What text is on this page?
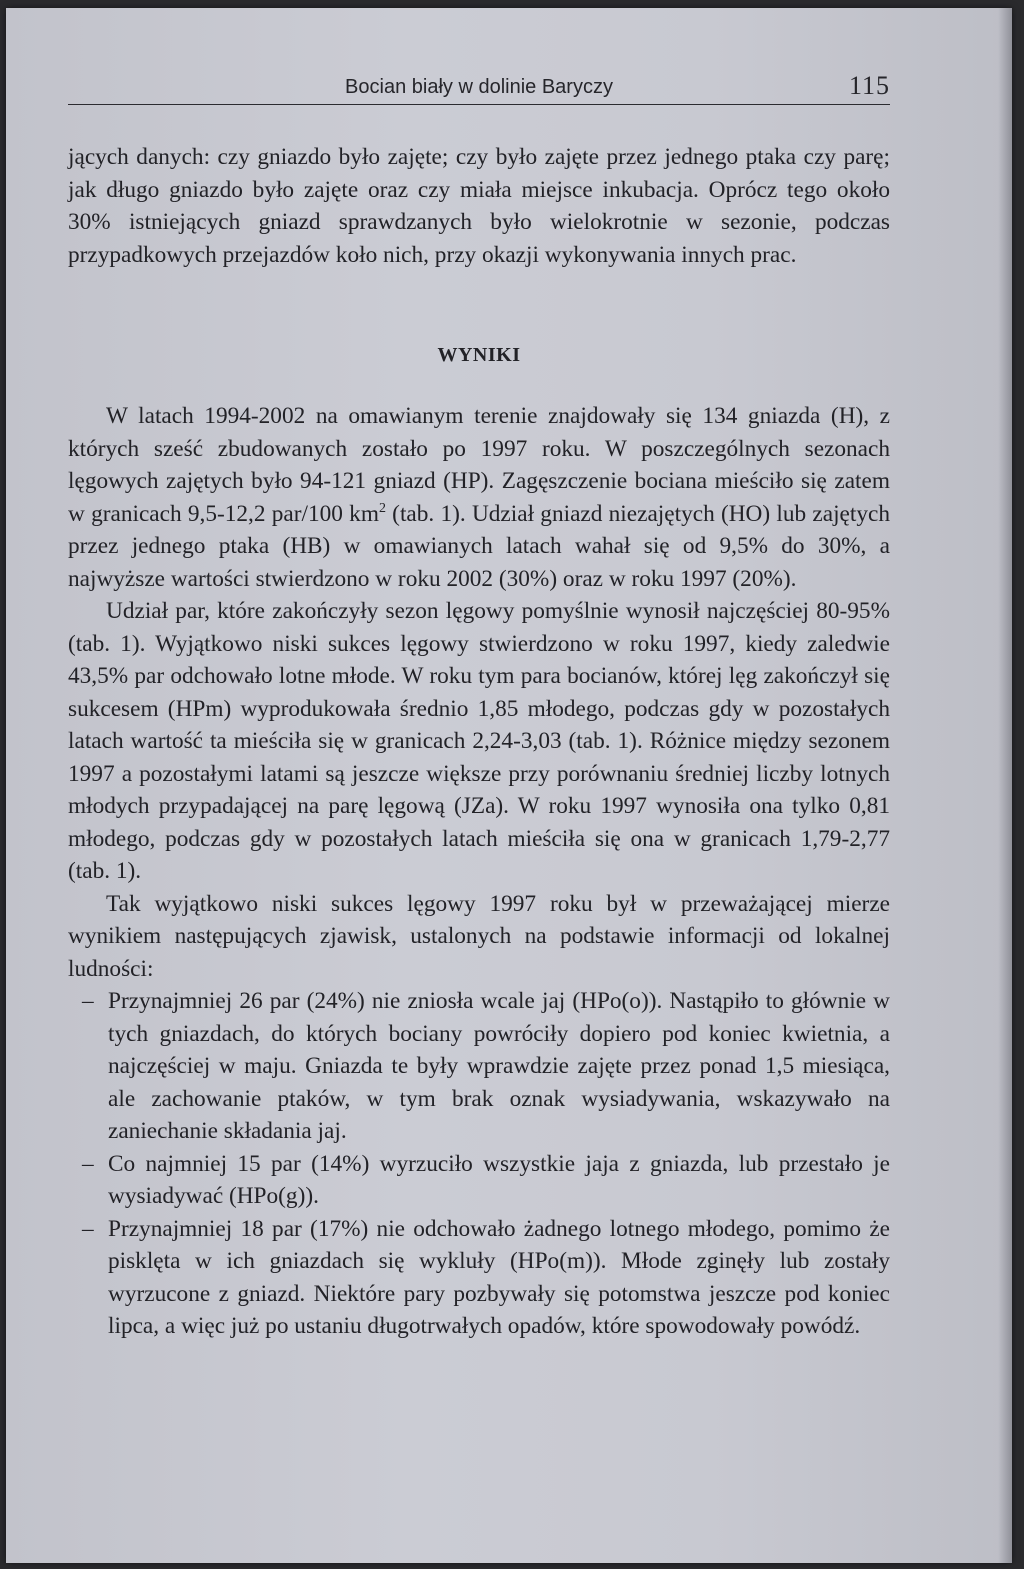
Bocian biały w dolinie Baryczy	115

jących danych: czy gniazdo było zajęte; czy było zajęte przez jednego ptaka czy parę; jak długo gniazdo było zajęte oraz czy miała miejsce inkubacja. Oprócz tego około 30% istniejących gniazd sprawdzanych było wielokrotnie w sezonie, podczas przypadkowych przejazdów koło nich, przy okazji wykonywania innych prac.

WYNIKI

W latach 1994-2002 na omawianym terenie znajdowały się 134 gniazda (H), z których sześć zbudowanych zostało po 1997 roku. W poszczególnych sezonach lęgowych zajętych było 94-121 gniazd (HP). Zagęszczenie bociana mieściło się zatem w granicach 9,5-12,2 par/100 $km^2$ (tab. 1). Udział gniazd niezajętych (HO) lub zajętych przez jednego ptaka (HB) w omawianych latach wahał się od 9,5% do 30%, a najwyższe wartości stwierdzono w roku 2002 (30%) oraz w roku 1997 (20%).

Udział par, które zakończyły sezon lęgowy pomyślnie wynosił najczęściej 80-95% (tab. 1). Wyjątkowo niski sukces lęgowy stwierdzono w roku 1997, kiedy zaledwie 43,5% par odchowało lotne młode. W roku tym para bocianów, której lęg zakończył się sukcesem (HPm) wyprodukowała średnio 1,85 młodego, podczas gdy w pozostałych latach wartość ta mieściła się w granicach 2,24-3,03 (tab. 1). Różnice między sezonem 1997 a pozostałymi latami są jeszcze większe przy porównaniu średniej liczby lotnych młodych przypadającej na parę lęgową (JZa). W roku 1997 wynosiła ona tylko 0,81 młodego, podczas gdy w pozostałych latach mieściła się ona w granicach 1,79-2,77 (tab. 1).

Tak wyjątkowo niski sukces lęgowy 1997 roku był w przeważającej mierze wynikiem następujących zjawisk, ustalonych na podstawie informacji od lokalnej ludności:

– Przynajmniej 26 par (24%) nie zniosła wcale jaj (HPo(o)). Nastąpiło to głównie w tych gniazdach, do których bociany powróciły dopiero pod koniec kwietnia, a najczęściej w maju. Gniazda te były wprawdzie zajęte przez ponad 1,5 miesiąca, ale zachowanie ptaków, w tym brak oznak wysiadywania, wskazywało na zaniechanie składania jaj.
– Co najmniej 15 par (14%) wyrzuciło wszystkie jaja z gniazda, lub przestało je wysiadywać (HPo(g)).
– Przynajmniej 18 par (17%) nie odchowało żadnego lotnego młodego, pomimo że pisklęta w ich gniazdach się wykluły (HPo(m)). Młode zginęły lub zostały wyrzucone z gniazd. Niektóre pary pozbywały się potomstwa jeszcze pod koniec lipca, a więc już po ustaniu długotrwałych opadów, które spowodowały powódź.
